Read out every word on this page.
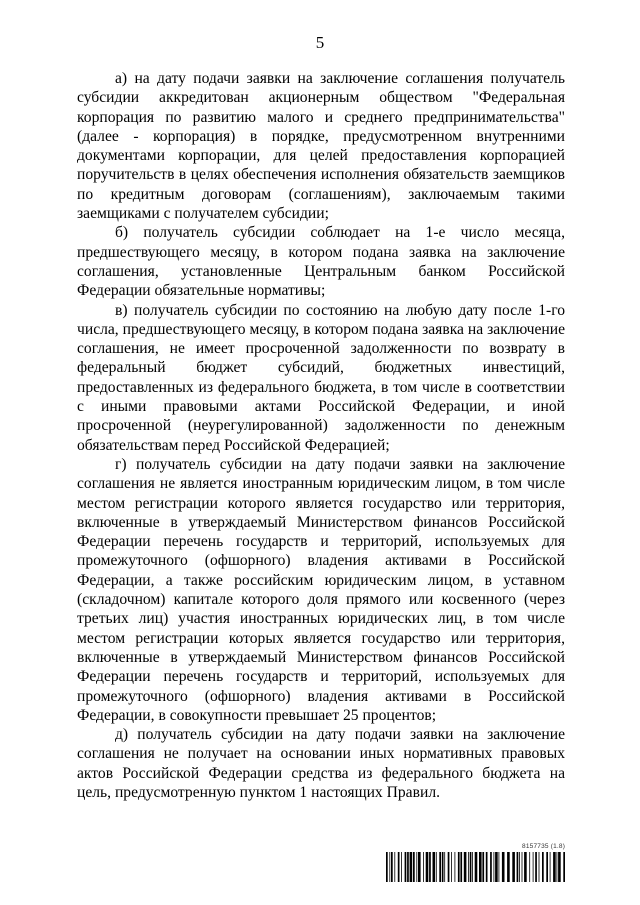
5

а) на дату подачи заявки на заключение соглашения получатель субсидии аккредитован акционерным обществом "Федеральная корпорация по развитию малого и среднего предпринимательства" (далее - корпорация) в порядке, предусмотренном внутренними документами корпорации, для целей предоставления корпорацией поручительств в целях обеспечения исполнения обязательств заемщиков по кредитным договорам (соглашениям), заключаемым такими заемщиками с получателем субсидии;

б) получатель субсидии соблюдает на 1-е число месяца, предшествующего месяцу, в котором подана заявка на заключение соглашения, установленные Центральным банком Российской Федерации обязательные нормативы;

в) получатель субсидии по состоянию на любую дату после 1-го числа, предшествующего месяцу, в котором подана заявка на заключение соглашения, не имеет просроченной задолженности по возврату в федеральный бюджет субсидий, бюджетных инвестиций, предоставленных из федерального бюджета, в том числе в соответствии с иными правовыми актами Российской Федерации, и иной просроченной (неурегулированной) задолженности по денежным обязательствам перед Российской Федерацией;

г) получатель субсидии на дату подачи заявки на заключение соглашения не является иностранным юридическим лицом, в том числе местом регистрации которого является государство или территория, включенные в утверждаемый Министерством финансов Российской Федерации перечень государств и территорий, используемых для промежуточного (офшорного) владения активами в Российской Федерации, а также российским юридическим лицом, в уставном (складочном) капитале которого доля прямого или косвенного (через третьих лиц) участия иностранных юридических лиц, в том числе местом регистрации которых является государство или территория, включенные в утверждаемый Министерством финансов Российской Федерации перечень государств и территорий, используемых для промежуточного (офшорного) владения активами в Российской Федерации, в совокупности превышает 25 процентов;

д) получатель субсидии на дату подачи заявки на заключение соглашения не получает на основании иных нормативных правовых актов Российской Федерации средства из федерального бюджета на цель, предусмотренную пунктом 1 настоящих Правил.

8157735 (1.8)
